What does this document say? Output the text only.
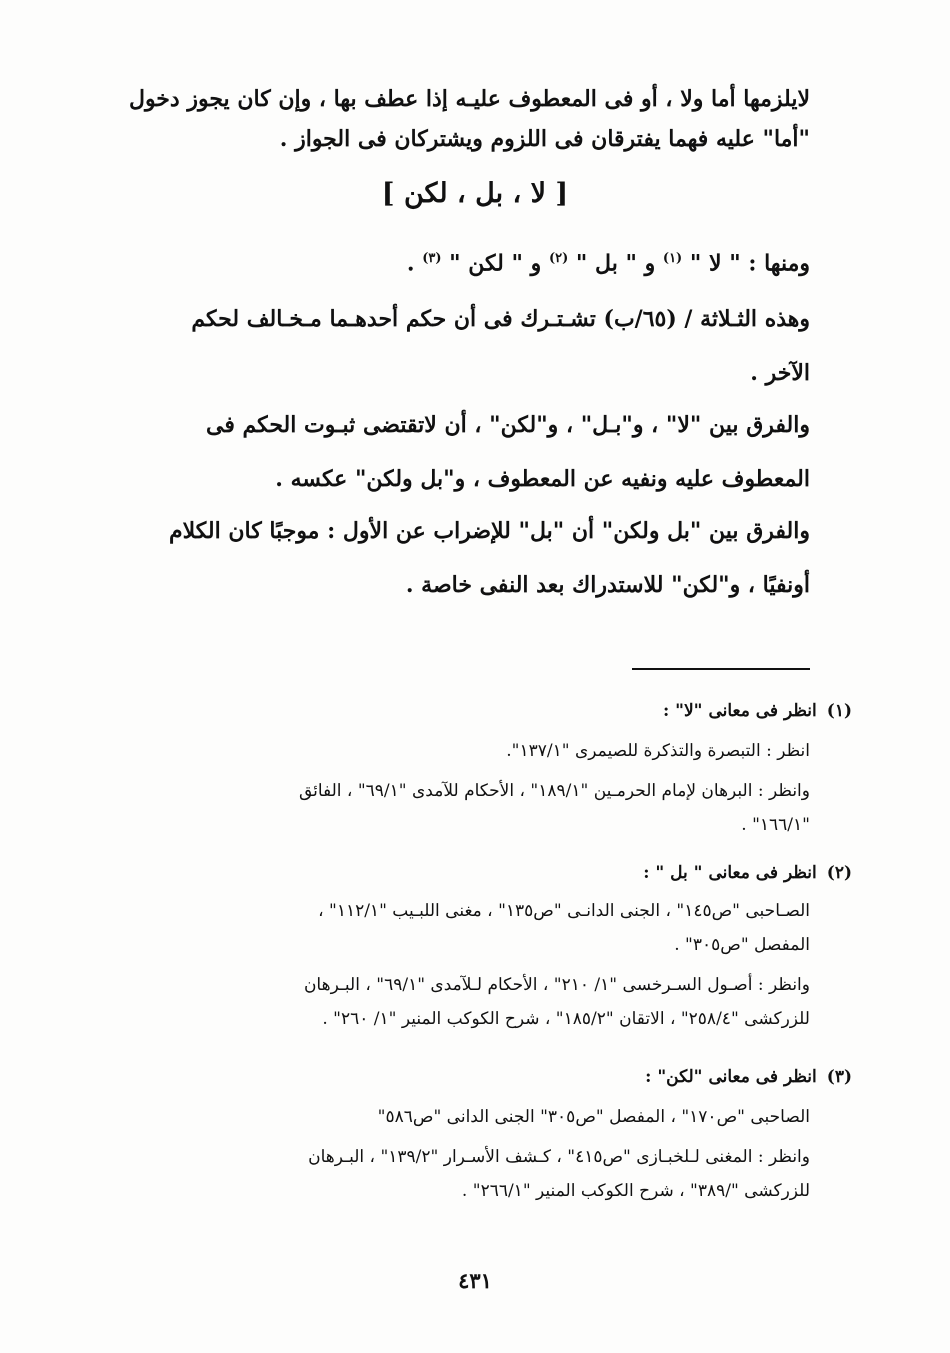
لايلزمها أما ولا ، أو فى المعطوف عليـه إذا عطف بها ، وإن كان يجوز دخول

"أما" عليه فهما يفترقان فى اللزوم ويشتركان فى الجواز .

[ لا ، بل ، لكن ]

ومنها : " لا " $^{(١)}$ و " بل " $^{(٢)}$ و " لكن " $^{(٣)}$ .

وهذه الثـلاثة / (٦٥/ب) تشـتـرك فى أن حكم أحدهـما مـخـالف لحكم

الآخر .

والفرق بين "لا" ، و"بـل" ، و"لكن" ، أن لاتقتضى ثبـوت الحكم فى

المعطوف عليه ونفيه عن المعطوف ، و"بل ولكن" عكسه .

والفرق بين "بل ولكن" أن "بل" للإضراب عن الأول : موجبًا كان الكلام

أونفيًا ، و"لكن" للاستدراك بعد النفى خاصة .

(١)انظر فى معانى "لا" :

انظر : التبصرة والتذكرة للصيمرى "١٣٧/١".

وانظر : البرهان لإمام الحرمـين "١٨٩/١" ، الأحكام للآمدى "٦٩/١" ، الفائق

"١٦٦/١" .

(٢)انظر فى معانى " بل " :

الصـاحبى "ص١٤٥" ، الجنى الدانـى "ص١٣٥" ، مغنى اللبـيب "١١٢/١" ،

المفصل "ص٣٠٥" .

وانظر : أصـول السـرخسى "١/ ٢١٠" ، الأحكام لـلآمدى "٦٩/١" ، البـرهان

للزركشى "٢٥٨/٤" ، الاتقان "١٨٥/٢" ، شرح الكوكب المنير "١/ ٢٦٠" .

(٣)انظر فى معانى "لكن" :

الصاحبى "ص١٧٠" ، المفصل "ص٣٠٥" الجنى الدانى "ص٥٨٦"

وانظر : المغنى لـلخبـازى "ص٤١٥" ، كـشف الأسـرار "١٣٩/٢" ، البـرهان

للزركشى "/٣٨٩" ، شرح الكوكب المنير "٢٦٦/١" .

٤٣١
